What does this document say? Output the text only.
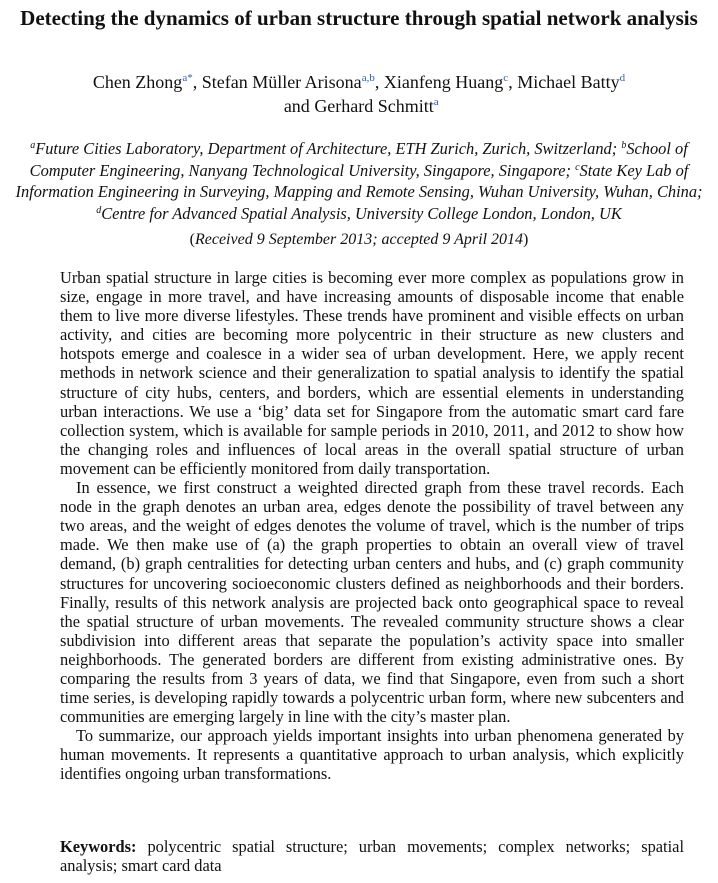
Detecting the dynamics of urban structure through spatial network analysis
Chen Zhong$^{a*}$, Stefan Müller Arisona$^{a,b}$, Xianfeng Huang$^c$, Michael Batty$^d$
and Gerhard Schmitt$^a$
$^a$Future Cities Laboratory, Department of Architecture, ETH Zurich, Zurich, Switzerland; $^b$School of Computer Engineering, Nanyang Technological University, Singapore, Singapore; $^c$State Key Lab of Information Engineering in Surveying, Mapping and Remote Sensing, Wuhan University, Wuhan, China; $^d$Centre for Advanced Spatial Analysis, University College London, London, UK
(Received 9 September 2013; accepted 9 April 2014)

Urban spatial structure in large cities is becoming ever more complex as populations grow in size, engage in more travel, and have increasing amounts of disposable income that enable them to live more diverse lifestyles. These trends have prominent and visible effects on urban activity, and cities are becoming more polycentric in their structure as new clusters and hotspots emerge and coalesce in a wider sea of urban development. Here, we apply recent methods in network science and their generalization to spatial analysis to identify the spatial structure of city hubs, centers, and borders, which are essential elements in understanding urban interactions. We use a ‘big’ data set for Singapore from the automatic smart card fare collection system, which is available for sample periods in 2010, 2011, and 2012 to show how the changing roles and influences of local areas in the overall spatial structure of urban movement can be efficiently monitored from daily transportation.

In essence, we first construct a weighted directed graph from these travel records. Each node in the graph denotes an urban area, edges denote the possibility of travel between any two areas, and the weight of edges denotes the volume of travel, which is the number of trips made. We then make use of (a) the graph properties to obtain an overall view of travel demand, (b) graph centralities for detecting urban centers and hubs, and (c) graph community structures for uncovering socioeconomic clusters defined as neighborhoods and their borders. Finally, results of this network analysis are projected back onto geographical space to reveal the spatial structure of urban movements. The revealed community structure shows a clear subdivision into different areas that separate the population’s activity space into smaller neighborhoods. The generated borders are different from existing administrative ones. By comparing the results from 3 years of data, we find that Singapore, even from such a short time series, is developing rapidly towards a polycentric urban form, where new subcenters and communities are emerging largely in line with the city’s master plan.

To summarize, our approach yields important insights into urban phenomena generated by human movements. It represents a quantitative approach to urban analysis, which explicitly identifies ongoing urban transformations.

Keywords: polycentric spatial structure; urban movements; complex networks; spatial analysis; smart card data
